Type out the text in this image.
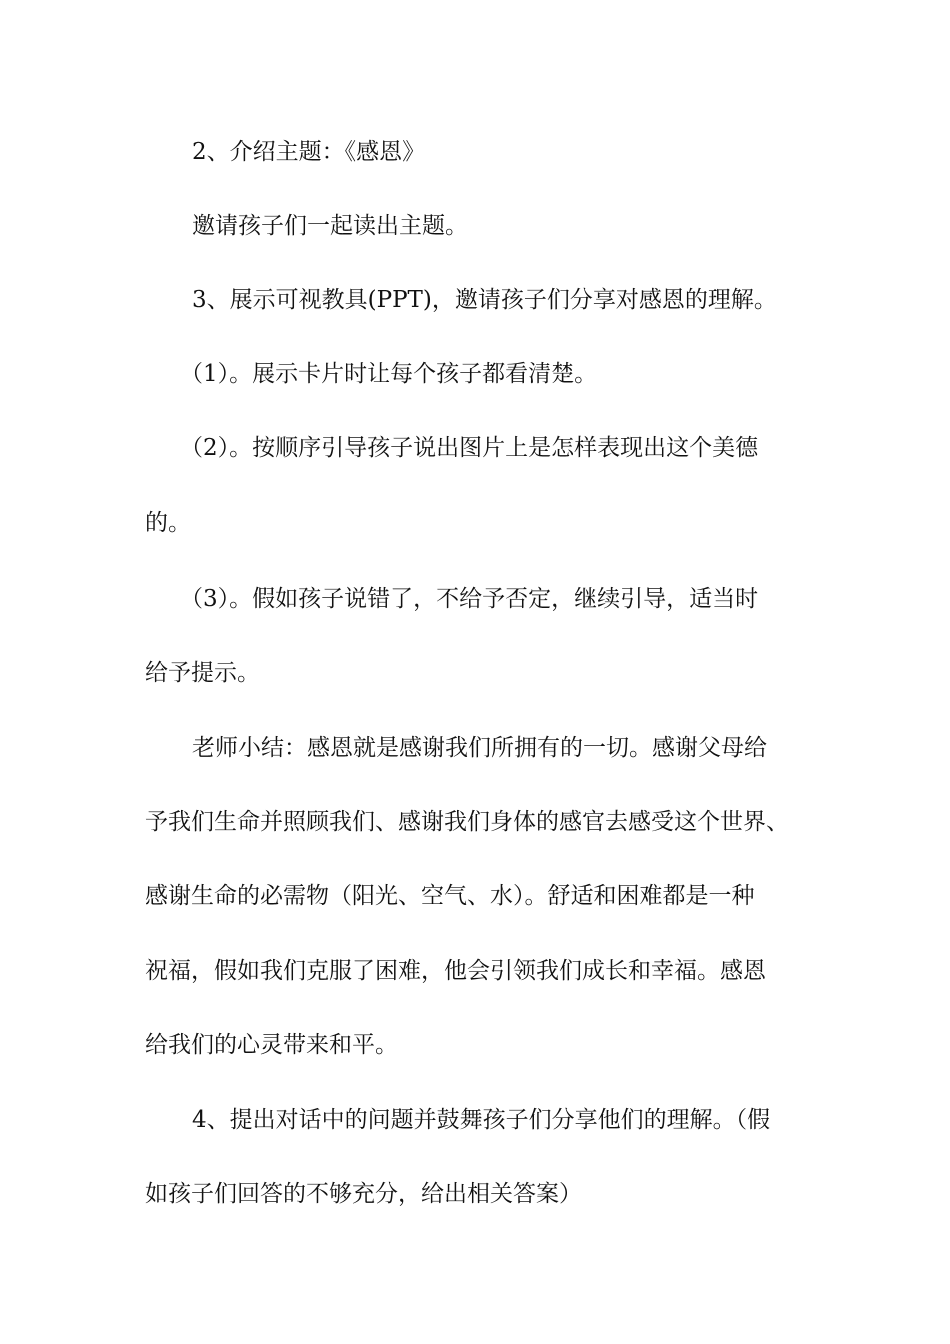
2、介绍主题：《感恩》
邀请孩子们一起读出主题。
3、展示可视教具(PPT)，邀请孩子们分享对感恩的理解。
（1）。展示卡片时让每个孩子都看清楚。
（2）。按顺序引导孩子说出图片上是怎样表现出这个美德
的。
（3）。假如孩子说错了，不给予否定，继续引导，适当时
给予提示。
老师小结：感恩就是感谢我们所拥有的一切。感谢父母给
予我们生命并照顾我们、感谢我们身体的感官去感受这个世界、
感谢生命的必需物（阳光、空气、水）。舒适和困难都是一种
祝福，假如我们克服了困难，他会引领我们成长和幸福。感恩
给我们的心灵带来和平。
4、提出对话中的问题并鼓舞孩子们分享他们的理解。（假
如孩子们回答的不够充分，给出相关答案）
